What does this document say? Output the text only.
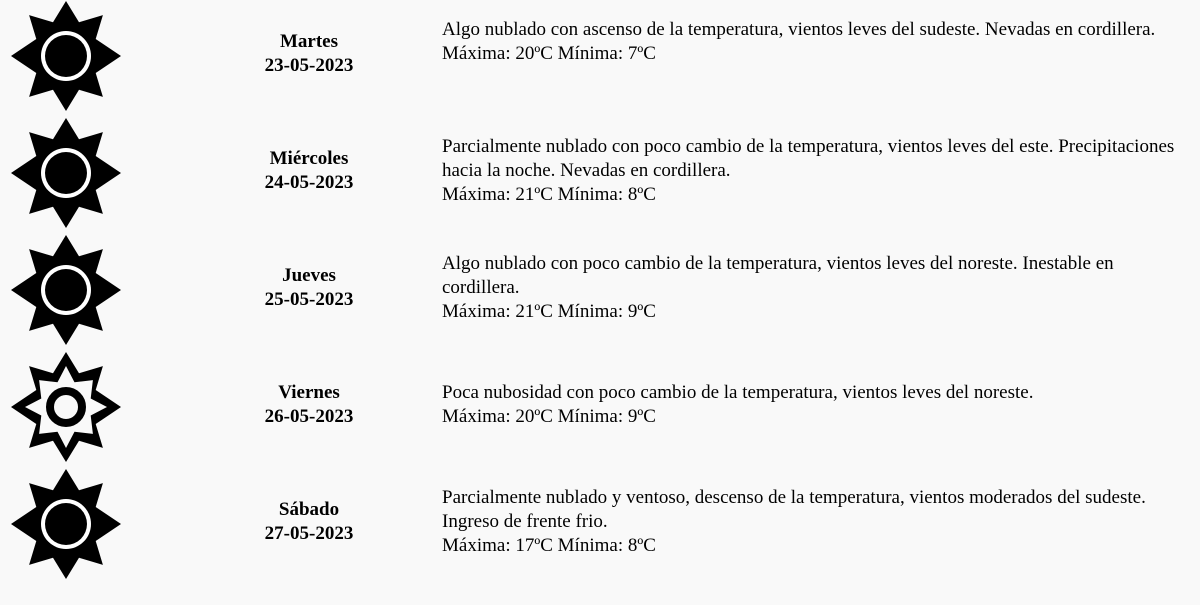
Martes
23-05-2023
Algo nublado con ascenso de la temperatura, vientos leves del sudeste. Nevadas en cordillera.
Máxima: 20ºC Mínima: 7ºC
Miércoles
24-05-2023
Parcialmente nublado con poco cambio de la temperatura, vientos leves del este. Precipitaciones hacia la noche. Nevadas en cordillera.
Máxima: 21ºC Mínima: 8ºC
Jueves
25-05-2023
Algo nublado con poco cambio de la temperatura, vientos leves del noreste. Inestable en cordillera.
Máxima: 21ºC Mínima: 9ºC
Viernes
26-05-2023
Poca nubosidad con poco cambio de la temperatura, vientos leves del noreste.
Máxima: 20ºC Mínima: 9ºC
Sábado
27-05-2023
Parcialmente nublado y ventoso, descenso de la temperatura, vientos moderados del sudeste. Ingreso de frente frio.
Máxima: 17ºC Mínima: 8ºC
